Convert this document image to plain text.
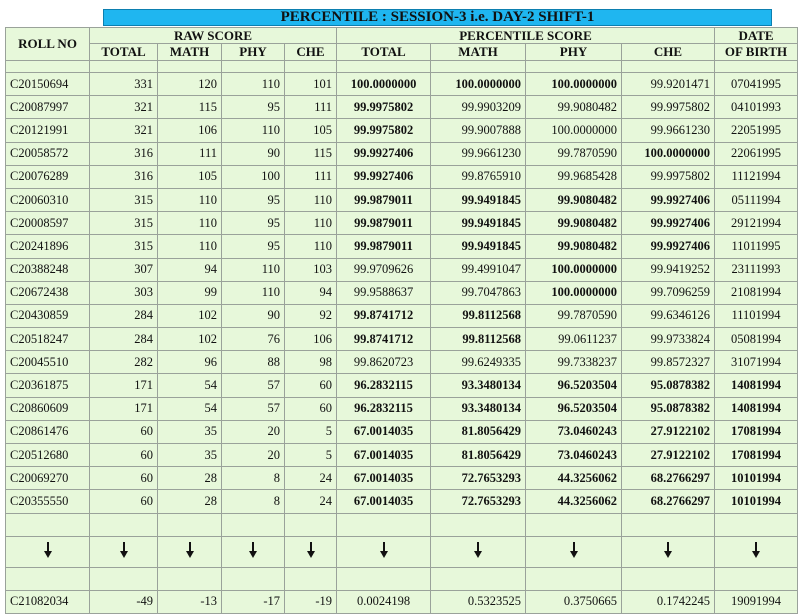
PERCENTILE : SESSION-3 i.e. DAY-2 SHIFT-1
ROLL NO	RAW SCORE				PERCENTILE SCORE				DATE
	TOTAL	MATH	PHY	CHE	TOTAL	MATH	PHY	CHE	OF BIRTH

C20150694	331	120	110	101	100.0000000	100.0000000	100.0000000	99.9201471	07041995
C20087997	321	115	95	111	99.9975802	99.9903209	99.9080482	99.9975802	04101993
C20121991	321	106	110	105	99.9975802	99.9007888	100.0000000	99.9661230	22051995
C20058572	316	111	90	115	99.9927406	99.9661230	99.7870590	100.0000000	22061995
C20076289	316	105	100	111	99.9927406	99.8765910	99.9685428	99.9975802	11121994
C20060310	315	110	95	110	99.9879011	99.9491845	99.9080482	99.9927406	05111994
C20008597	315	110	95	110	99.9879011	99.9491845	99.9080482	99.9927406	29121994
C20241896	315	110	95	110	99.9879011	99.9491845	99.9080482	99.9927406	11011995
C20388248	307	94	110	103	99.9709626	99.4991047	100.0000000	99.9419252	23111993
C20672438	303	99	110	94	99.9588637	99.7047863	100.0000000	99.7096259	21081994
C20430859	284	102	90	92	99.8741712	99.8112568	99.7870590	99.6346126	11101994
C20518247	284	102	76	106	99.8741712	99.8112568	99.0611237	99.9733824	05081994
C20045510	282	96	88	98	99.8620723	99.6249335	99.7338237	99.8572327	31071994
C20361875	171	54	57	60	96.2832115	93.3480134	96.5203504	95.0878382	14081994
C20860609	171	54	57	60	96.2832115	93.3480134	96.5203504	95.0878382	14081994
C20861476	60	35	20	5	67.0014035	81.8056429	73.0460243	27.9122102	17081994
C20512680	60	35	20	5	67.0014035	81.8056429	73.0460243	27.9122102	17081994
C20069270	60	28	8	24	67.0014035	72.7653293	44.3256062	68.2766297	10101994
C20355550	60	28	8	24	67.0014035	72.7653293	44.3256062	68.2766297	10101994

C21082034	-49	-13	-17	-19	0.0024198	0.5323525	0.3750665	0.1742245	19091994
